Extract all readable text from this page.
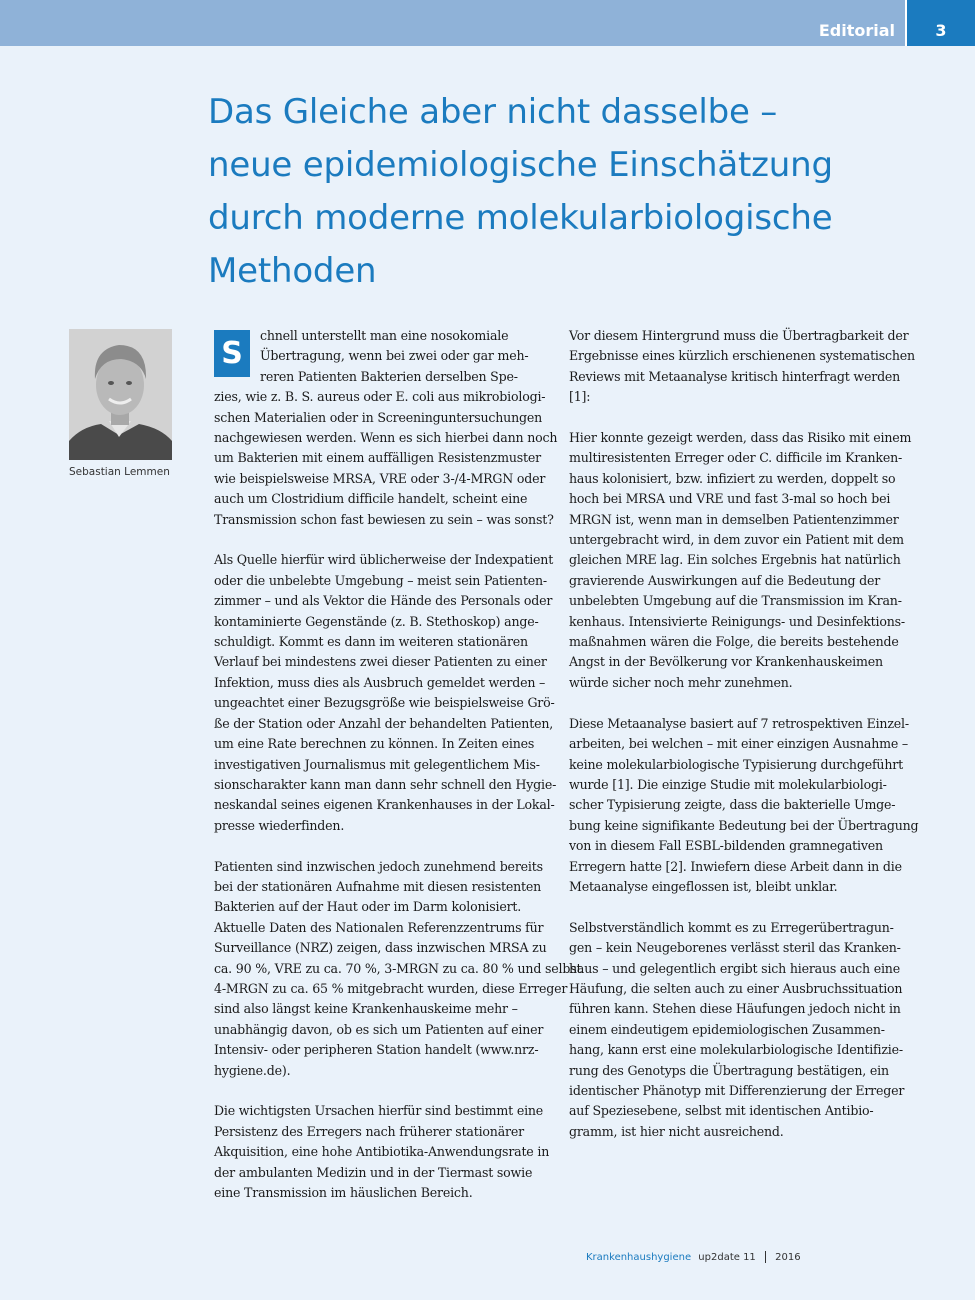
Editorial	3
Das Gleiche aber nicht dasselbe –
neue epidemiologische Einschätzung
durch moderne molekularbiologische
Methoden
Sebastian Lemmen

S
chnell unterstellt man eine nosokomiale
Übertragung, wenn bei zwei oder gar meh-
reren Patienten Bakterien derselben Spe-
zies, wie z. B. S. aureus oder E. coli aus mikrobiologi-
schen Materialien oder in Screeninguntersuchungen
nachgewiesen werden. Wenn es sich hierbei dann noch
um Bakterien mit einem auffälligen Resistenzmuster
wie beispielsweise MRSA, VRE oder 3-/4-MRGN oder
auch um Clostridium difficile handelt, scheint eine
Transmission schon fast bewiesen zu sein – was sonst?

Als Quelle hierfür wird üblicherweise der Indexpatient
oder die unbelebte Umgebung – meist sein Patienten-
zimmer – und als Vektor die Hände des Personals oder
kontaminierte Gegenstände (z. B. Stethoskop) ange-
schuldigt. Kommt es dann im weiteren stationären
Verlauf bei mindestens zwei dieser Patienten zu einer
Infektion, muss dies als Ausbruch gemeldet werden –
ungeachtet einer Bezugsgröße wie beispielsweise Grö-
ße der Station oder Anzahl der behandelten Patienten,
um eine Rate berechnen zu können. In Zeiten eines
investigativen Journalismus mit gelegentlichem Mis-
sionscharakter kann man dann sehr schnell den Hygie-
neskandal seines eigenen Krankenhauses in der Lokal-
presse wiederfinden.

Patienten sind inzwischen jedoch zunehmend bereits
bei der stationären Aufnahme mit diesen resistenten
Bakterien auf der Haut oder im Darm kolonisiert.
Aktuelle Daten des Nationalen Referenzzentrums für
Surveillance (NRZ) zeigen, dass inzwischen MRSA zu
ca. 90 %, VRE zu ca. 70 %, 3-MRGN zu ca. 80 % und selbst
4-MRGN zu ca. 65 % mitgebracht wurden, diese Erreger
sind also längst keine Krankenhauskeime mehr –
unabhängig davon, ob es sich um Patienten auf einer
Intensiv- oder peripheren Station handelt (www.nrz-
hygiene.de).

Die wichtigsten Ursachen hierfür sind bestimmt eine
Persistenz des Erregers nach früherer stationärer
Akquisition, eine hohe Antibiotika-Anwendungsrate in
der ambulanten Medizin und in der Tiermast sowie
eine Transmission im häuslichen Bereich.

Vor diesem Hintergrund muss die Übertragbarkeit der
Ergebnisse eines kürzlich erschienenen systematischen
Reviews mit Metaanalyse kritisch hinterfragt werden
[1]:

Hier konnte gezeigt werden, dass das Risiko mit einem
multiresistenten Erreger oder C. difficile im Kranken-
haus kolonisiert, bzw. infiziert zu werden, doppelt so
hoch bei MRSA und VRE und fast 3-mal so hoch bei
MRGN ist, wenn man in demselben Patientenzimmer
untergebracht wird, in dem zuvor ein Patient mit dem
gleichen MRE lag. Ein solches Ergebnis hat natürlich
gravierende Auswirkungen auf die Bedeutung der
unbelebten Umgebung auf die Transmission im Kran-
kenhaus. Intensivierte Reinigungs- und Desinfektions-
maßnahmen wären die Folge, die bereits bestehende
Angst in der Bevölkerung vor Krankenhauskeimen
würde sicher noch mehr zunehmen.

Diese Metaanalyse basiert auf 7 retrospektiven Einzel-
arbeiten, bei welchen – mit einer einzigen Ausnahme –
keine molekularbiologische Typisierung durchgeführt
wurde [1]. Die einzige Studie mit molekularbiologi-
scher Typisierung zeigte, dass die bakterielle Umge-
bung keine signifikante Bedeutung bei der Übertragung
von in diesem Fall ESBL-bildenden gramnegativen
Erregern hatte [2]. Inwiefern diese Arbeit dann in die
Metaanalyse eingeflossen ist, bleibt unklar.

Selbstverständlich kommt es zu Erregerübertragun-
gen – kein Neugeborenes verlässt steril das Kranken-
haus – und gelegentlich ergibt sich hieraus auch eine
Häufung, die selten auch zu einer Ausbruchssituation
führen kann. Stehen diese Häufungen jedoch nicht in
einem eindeutigem epidemiologischen Zusammen-
hang, kann erst eine molekularbiologische Identifizie-
rung des Genotyps die Übertragung bestätigen, ein
identischer Phänotyp mit Differenzierung der Erreger
auf Speziesebene, selbst mit identischen Antibio-
gramm, ist hier nicht ausreichend.

Krankenhaushygiene up2date 11 2016
